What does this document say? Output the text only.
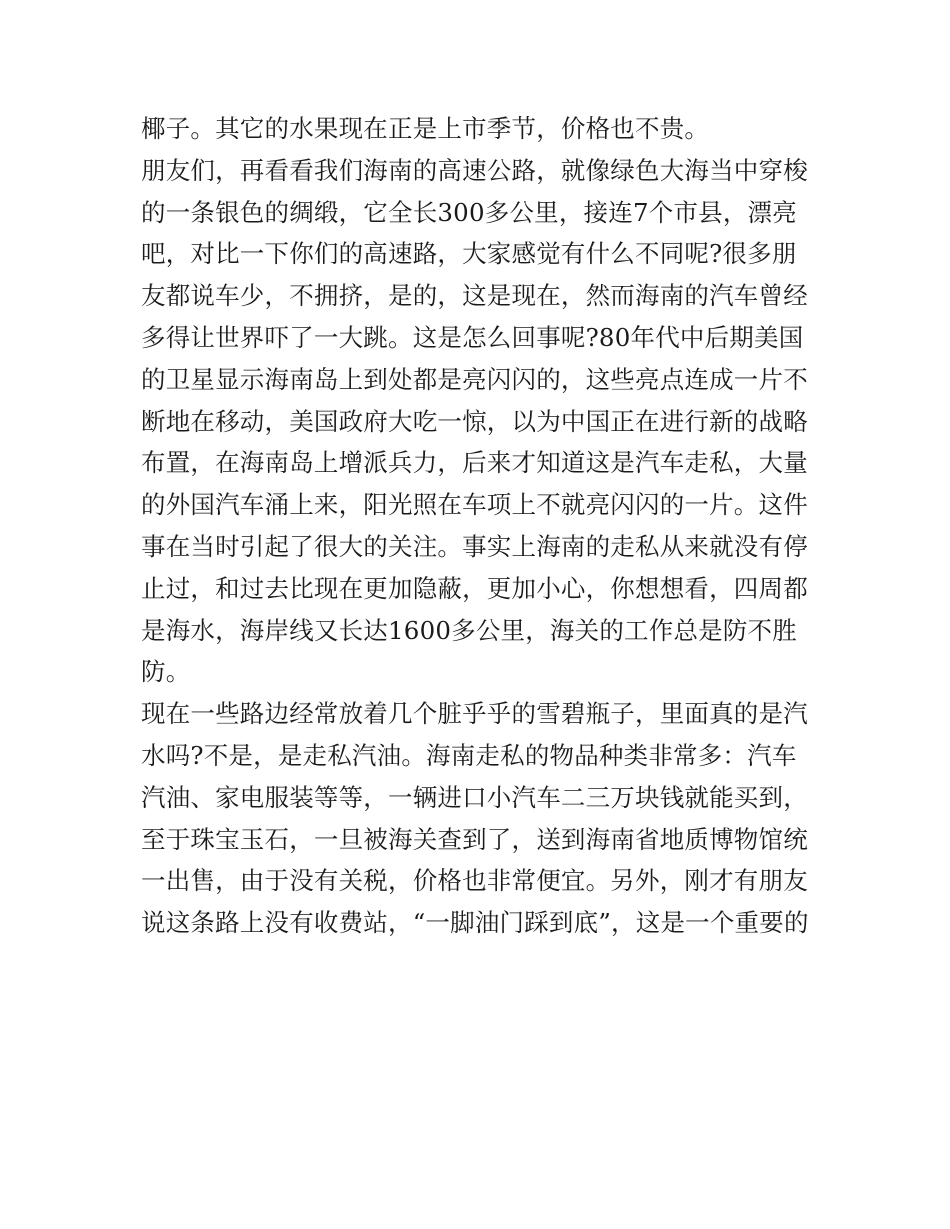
椰子。其它的水果现在正是上市季节，价格也不贵。
朋友们，再看看我们海南的高速公路，就像绿色大海当中穿梭
的一条银色的绸缎，它全长300多公里，接连7个市县，漂亮
吧，对比一下你们的高速路，大家感觉有什么不同呢?很多朋
友都说车少，不拥挤，是的，这是现在，然而海南的汽车曾经
多得让世界吓了一大跳。这是怎么回事呢?80年代中后期美国
的卫星显示海南岛上到处都是亮闪闪的，这些亮点连成一片不
断地在移动，美国政府大吃一惊，以为中国正在进行新的战略
布置，在海南岛上增派兵力，后来才知道这是汽车走私，大量
的外国汽车涌上来，阳光照在车项上不就亮闪闪的一片。这件
事在当时引起了很大的关注。事实上海南的走私从来就没有停
止过，和过去比现在更加隐蔽，更加小心，你想想看，四周都
是海水，海岸线又长达1600多公里，海关的工作总是防不胜
防。
现在一些路边经常放着几个脏乎乎的雪碧瓶子，里面真的是汽
水吗?不是，是走私汽油。海南走私的物品种类非常多：汽车
汽油、家电服装等等，一辆进口小汽车二三万块钱就能买到，
至于珠宝玉石，一旦被海关查到了，送到海南省地质博物馆统
一出售，由于没有关税，价格也非常便宜。另外，刚才有朋友
说这条路上没有收费站，“一脚油门踩到底”，这是一个重要的
